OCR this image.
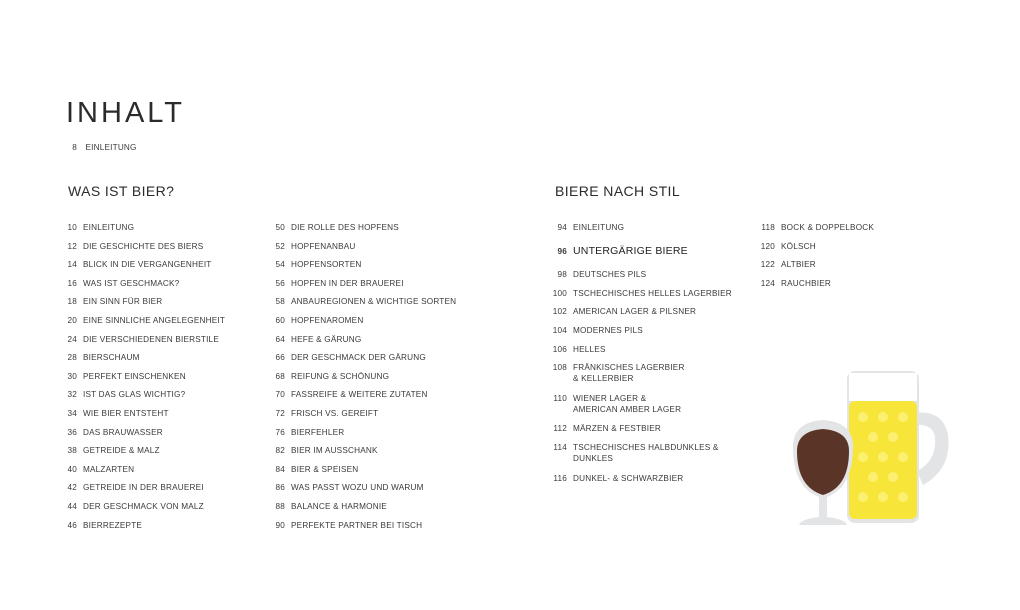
INHALT
8 EINLEITUNG
WAS IST BIER?	BIERE NACH STIL
10 EINLEITUNG
12 DIE GESCHICHTE DES BIERS
14 BLICK IN DIE VERGANGENHEIT
16 WAS IST GESCHMACK?
18 EIN SINN FÜR BIER
20 EINE SINNLICHE ANGELEGENHEIT
24 DIE VERSCHIEDENEN BIERSTILE
28 BIERSCHAUM
30 PERFEKT EINSCHENKEN
32 IST DAS GLAS WICHTIG?
34 WIE BIER ENTSTEHT
36 DAS BRAUWASSER
38 GETREIDE & MALZ
40 MALZARTEN
42 GETREIDE IN DER BRAUEREI
44 DER GESCHMACK VON MALZ
46 BIERREZEPTE
50 DIE ROLLE DES HOPFENS
52 HOPFENANBAU
54 HOPFENSORTEN
56 HOPFEN IN DER BRAUEREI
58 ANBAUREGIONEN & WICHTIGE SORTEN
60 HOPFENAROMEN
64 HEFE & GÄRUNG
66 DER GESCHMACK DER GÄRUNG
68 REIFUNG & SCHÖNUNG
70 FASSREIFE & WEITERE ZUTATEN
72 FRISCH VS. GEREIFT
76 BIERFEHLER
82 BIER IM AUSSCHANK
84 BIER & SPEISEN
86 WAS PASST WOZU UND WARUM
88 BALANCE & HARMONIE
90 PERFEKTE PARTNER BEI TISCH
94 EINLEITUNG
96 UNTERGÄRIGE BIERE
98 DEUTSCHES PILS
100 TSCHECHISCHES HELLES LAGERBIER
102 AMERICAN LAGER & PILSNER
104 MODERNES PILS
106 HELLES
108 FRÄNKISCHES LAGERBIER
& KELLERBIER
110 WIENER LAGER &
AMERICAN AMBER LAGER
112 MÄRZEN & FESTBIER
114 TSCHECHISCHES HALBDUNKLES &
DUNKLES
116 DUNKEL- & SCHWARZBIER
118 BOCK & DOPPELBOCK
120 KÖLSCH
122 ALTBIER
124 RAUCHBIER
